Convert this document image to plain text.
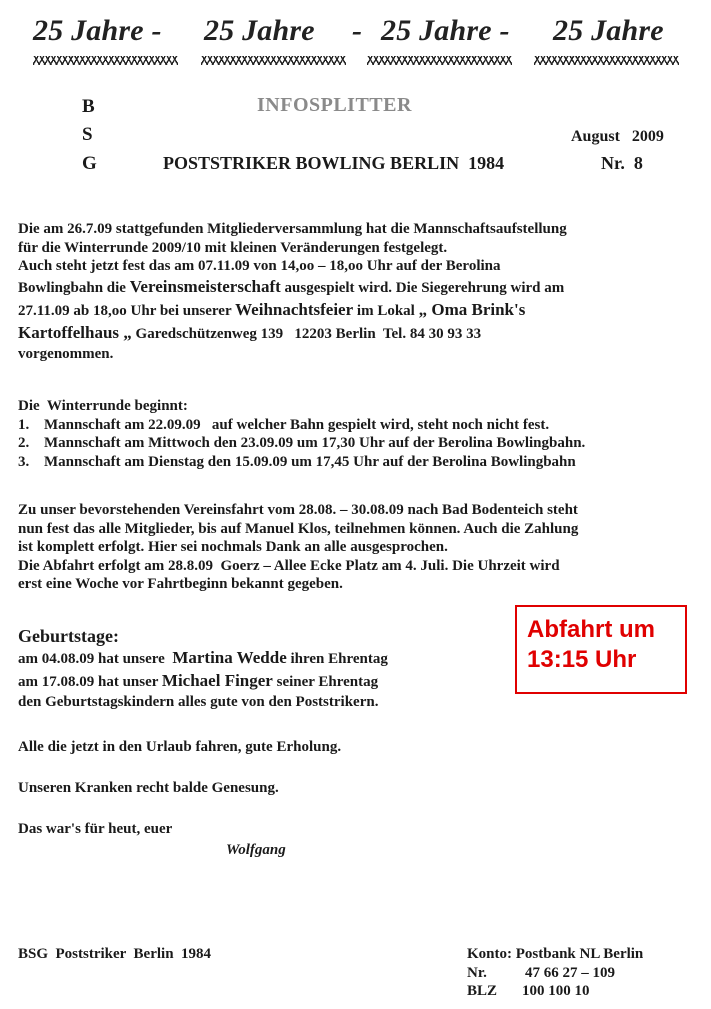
25 Jahre - 25 Jahre - 25 Jahre - 25 Jahre
B
S
G
INFOSPLITTER
August   2009
POSTSTRIKER BOWLING BERLIN  1984	Nr.  8
Die am 26.7.09 stattgefunden Mitgliederversammlung hat die Mannschaftsaufstellung
für die Winterrunde 2009/10 mit kleinen Veränderungen festgelegt.
Auch steht jetzt fest das am 07.11.09 von 14,oo – 18,oo Uhr auf der Berolina
Bowlingbahn die Vereinsmeisterschaft ausgespielt wird. Die Siegerehrung wird am
27.11.09 ab 18,oo Uhr bei unserer Weihnachtsfeier im Lokal „ Oma Brink's
Kartoffelhaus „ Garedschützenweg 139   12203 Berlin  Tel. 84 30 93 33
vorgenommen.
Die  Winterrunde beginnt:
1. Mannschaft am 22.09.09   auf welcher Bahn gespielt wird, steht noch nicht fest.
2. Mannschaft am Mittwoch den 23.09.09 um 17,30 Uhr auf der Berolina Bowlingbahn.
3. Mannschaft am Dienstag den 15.09.09 um 17,45 Uhr auf der Berolina Bowlingbahn
Zu unser bevorstehenden Vereinsfahrt vom 28.08. – 30.08.09 nach Bad Bodenteich steht
nun fest das alle Mitglieder, bis auf Manuel Klos, teilnehmen können. Auch die Zahlung
ist komplett erfolgt. Hier sei nochmals Dank an alle ausgesprochen.
Die Abfahrt erfolgt am 28.8.09  Goerz – Allee Ecke Platz am 4. Juli. Die Uhrzeit wird
erst eine Woche vor Fahrtbeginn bekannt gegeben.
Geburtstage:
am 04.08.09 hat unsere  Martina Wedde ihren Ehrentag
am 17.08.09 hat unser Michael Finger seiner Ehrentag
den Geburtstagskindern alles gute von den Poststrikern.
Abfahrt um
13:15 Uhr
Alle die jetzt in den Urlaub fahren, gute Erholung.
Unseren Kranken recht balde Genesung.
Das war's für heut, euer
Wolfgang
BSG  Poststriker  Berlin  1984	Konto: Postbank NL Berlin
Nr.	47 66 27 – 109
BLZ 100 100 10
